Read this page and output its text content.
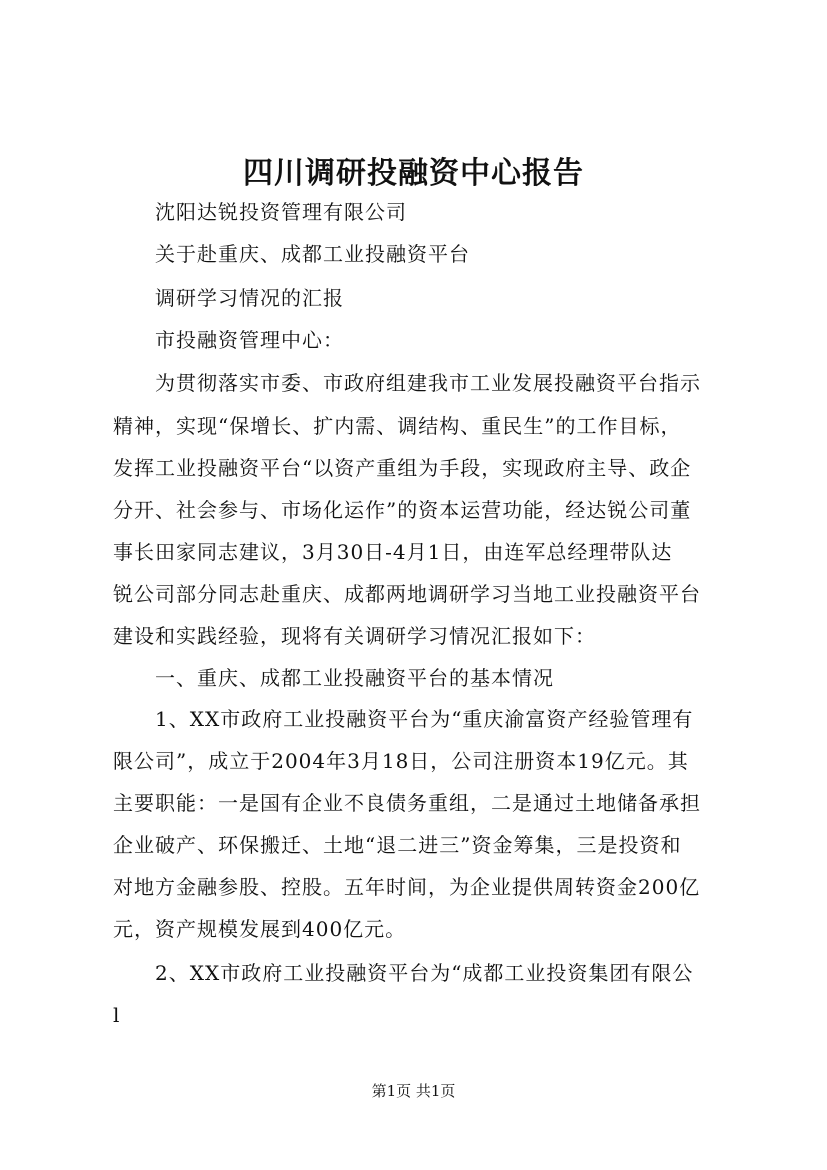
四川调研投融资中心报告
沈阳达锐投资管理有限公司
关于赴重庆、成都工业投融资平台
调研学习情况的汇报
市投融资管理中心：
为贯彻落实市委、市政府组建我市工业发展投融资平台指示
精神，实现“保增长、扩内需、调结构、重民生”的工作目标，
发挥工业投融资平台“以资产重组为手段，实现政府主导、政企
分开、社会参与、市场化运作”的资本运营功能，经达锐公司董
事长田家同志建议，3月30日-4月1日，由连军总经理带队达
锐公司部分同志赴重庆、成都两地调研学习当地工业投融资平台
建设和实践经验，现将有关调研学习情况汇报如下：
一、重庆、成都工业投融资平台的基本情况
1、XX市政府工业投融资平台为“重庆渝富资产经验管理有
限公司”，成立于2004年3月18日，公司注册资本19亿元。其
主要职能：一是国有企业不良债务重组，二是通过土地储备承担
企业破产、环保搬迁、土地“退二进三”资金筹集，三是投资和
对地方金融参股、控股。五年时间，为企业提供周转资金200亿
元，资产规模发展到400亿元。
2、XX市政府工业投融资平台为“成都工业投资集团有限公
l
第1页 共1页
